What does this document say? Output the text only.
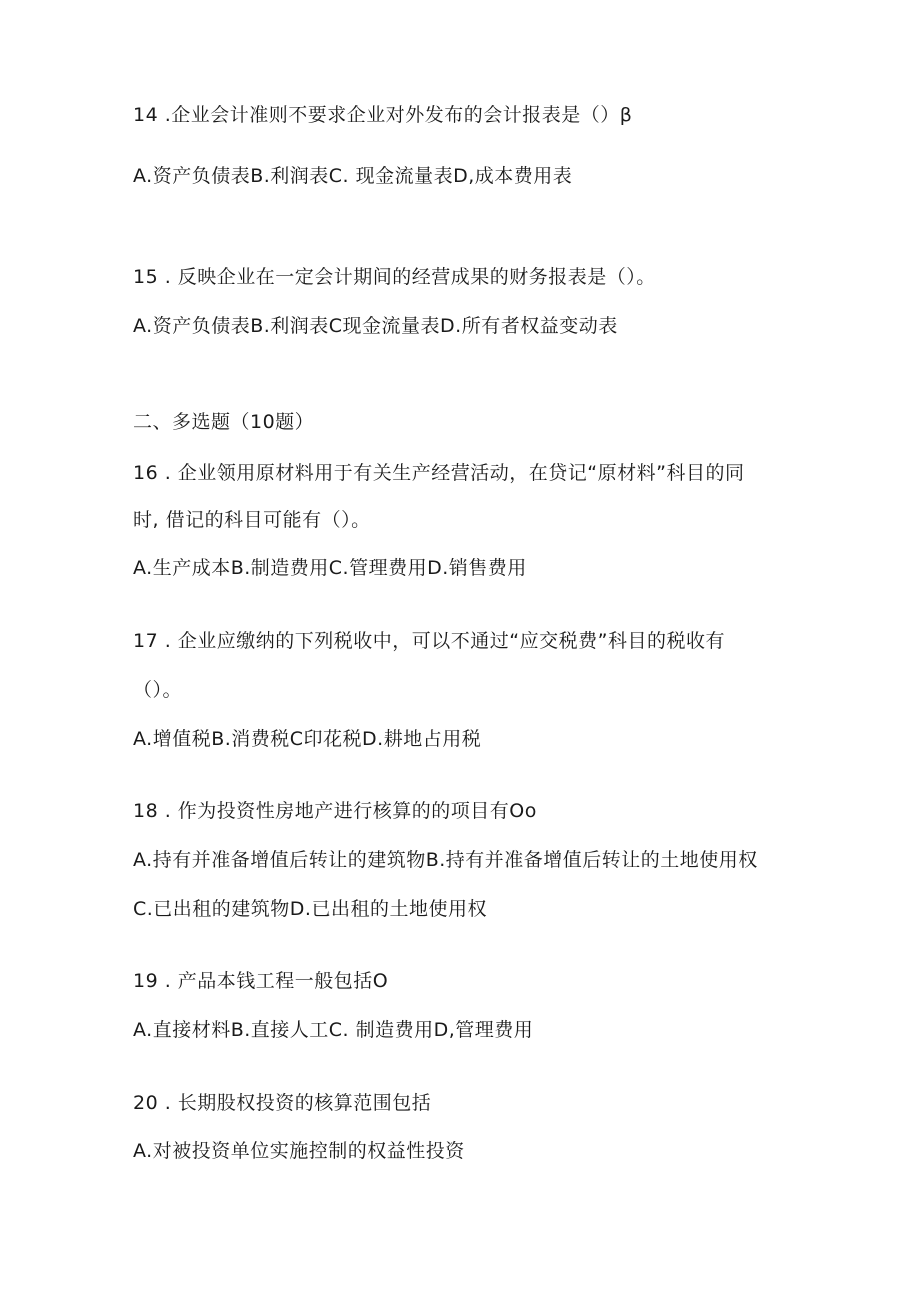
14 .企业会计准则不要求企业对外发布的会计报表是（）β
A.资产负债表B.利润表C. 现金流量表D,成本费用表
15 . 反映企业在一定会计期间的经营成果的财务报表是（）。
A.资产负债表B.利润表C现金流量表D.所有者权益变动表
二、多选题（10题）
16 . 企业领用原材料用于有关生产经营活动，在贷记“原材料”科目的同
时, 借记的科目可能有（）。
A.生产成本B.制造费用C.管理费用D.销售费用
17 . 企业应缴纳的下列税收中，可以不通过“应交税费”科目的税收有
（）。
A.增值税B.消费税C印花税D.耕地占用税
18 . 作为投资性房地产进行核算的的项目有Oo
A.持有并准备增值后转让的建筑物B.持有并准备增值后转让的土地使用权
C.已出租的建筑物D.已出租的土地使用权
19 . 产品本钱工程一般包括O
A.直接材料B.直接人工C. 制造费用D,管理费用
20 . 长期股权投资的核算范围包括
A.对被投资单位实施控制的权益性投资
